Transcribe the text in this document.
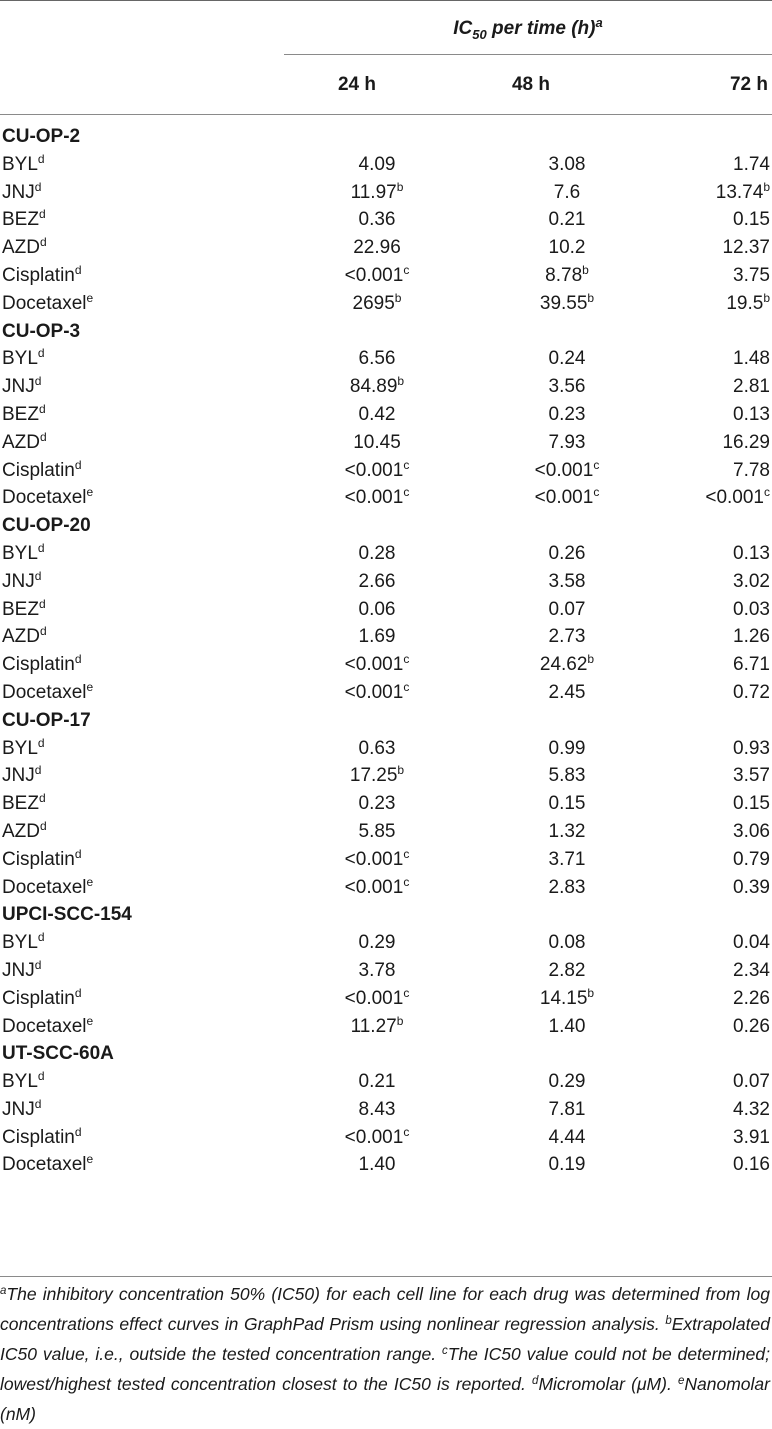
$IC_{50}$ per time $(h)^a$
24 h	48 h	72 h
CU-OP-2			
BYL$^d$	4.09	3.08	1.74
JNJ$^d$	11.97$^b$	7.6	13.74$^b$
BEZ$^d$	0.36	0.21	0.15
AZD$^d$	22.96	10.2	12.37
Cisplatin$^d$	<0.001$^c$	8.78$^b$	3.75
Docetaxel$^e$	2695$^b$	39.55$^b$	19.5$^b$
CU-OP-3			
BYL$^d$	6.56	0.24	1.48
JNJ$^d$	84.89$^b$	3.56	2.81
BEZ$^d$	0.42	0.23	0.13
AZD$^d$	10.45	7.93	16.29
Cisplatin$^d$	<0.001$^c$	<0.001$^c$	7.78
Docetaxel$^e$	<0.001$^c$	<0.001$^c$	<0.001$^c$
CU-OP-20			
BYL$^d$	0.28	0.26	0.13
JNJ$^d$	2.66	3.58	3.02
BEZ$^d$	0.06	0.07	0.03
AZD$^d$	1.69	2.73	1.26
Cisplatin$^d$	<0.001$^c$	24.62$^b$	6.71
Docetaxel$^e$	<0.001$^c$	2.45	0.72
CU-OP-17			
BYL$^d$	0.63	0.99	0.93
JNJ$^d$	17.25$^b$	5.83	3.57
BEZ$^d$	0.23	0.15	0.15
AZD$^d$	5.85	1.32	3.06
Cisplatin$^d$	<0.001$^c$	3.71	0.79
Docetaxel$^e$	<0.001$^c$	2.83	0.39
UPCI-SCC-154			
BYL$^d$	0.29	0.08	0.04
JNJ$^d$	3.78	2.82	2.34
Cisplatin$^d$	<0.001$^c$	14.15$^b$	2.26
Docetaxel$^e$	11.27$^b$	1.40	0.26
UT-SCC-60A			
BYL$^d$	0.21	0.29	0.07
JNJ$^d$	8.43	7.81	4.32
Cisplatin$^d$	<0.001$^c$	4.44	3.91
Docetaxel$^e$	1.40	0.19	0.16
$^a$The inhibitory concentration 50% (IC50) for each cell line for each drug was determined from log concentrations effect curves in GraphPad Prism using nonlinear regression analysis. $^b$Extrapolated IC50 value, i.e., outside the tested concentration range. $^c$The IC50 value could not be determined; lowest/highest tested concentration closest to the IC50 is reported. $^d$Micromolar (μM). $^e$Nanomolar (nM)
